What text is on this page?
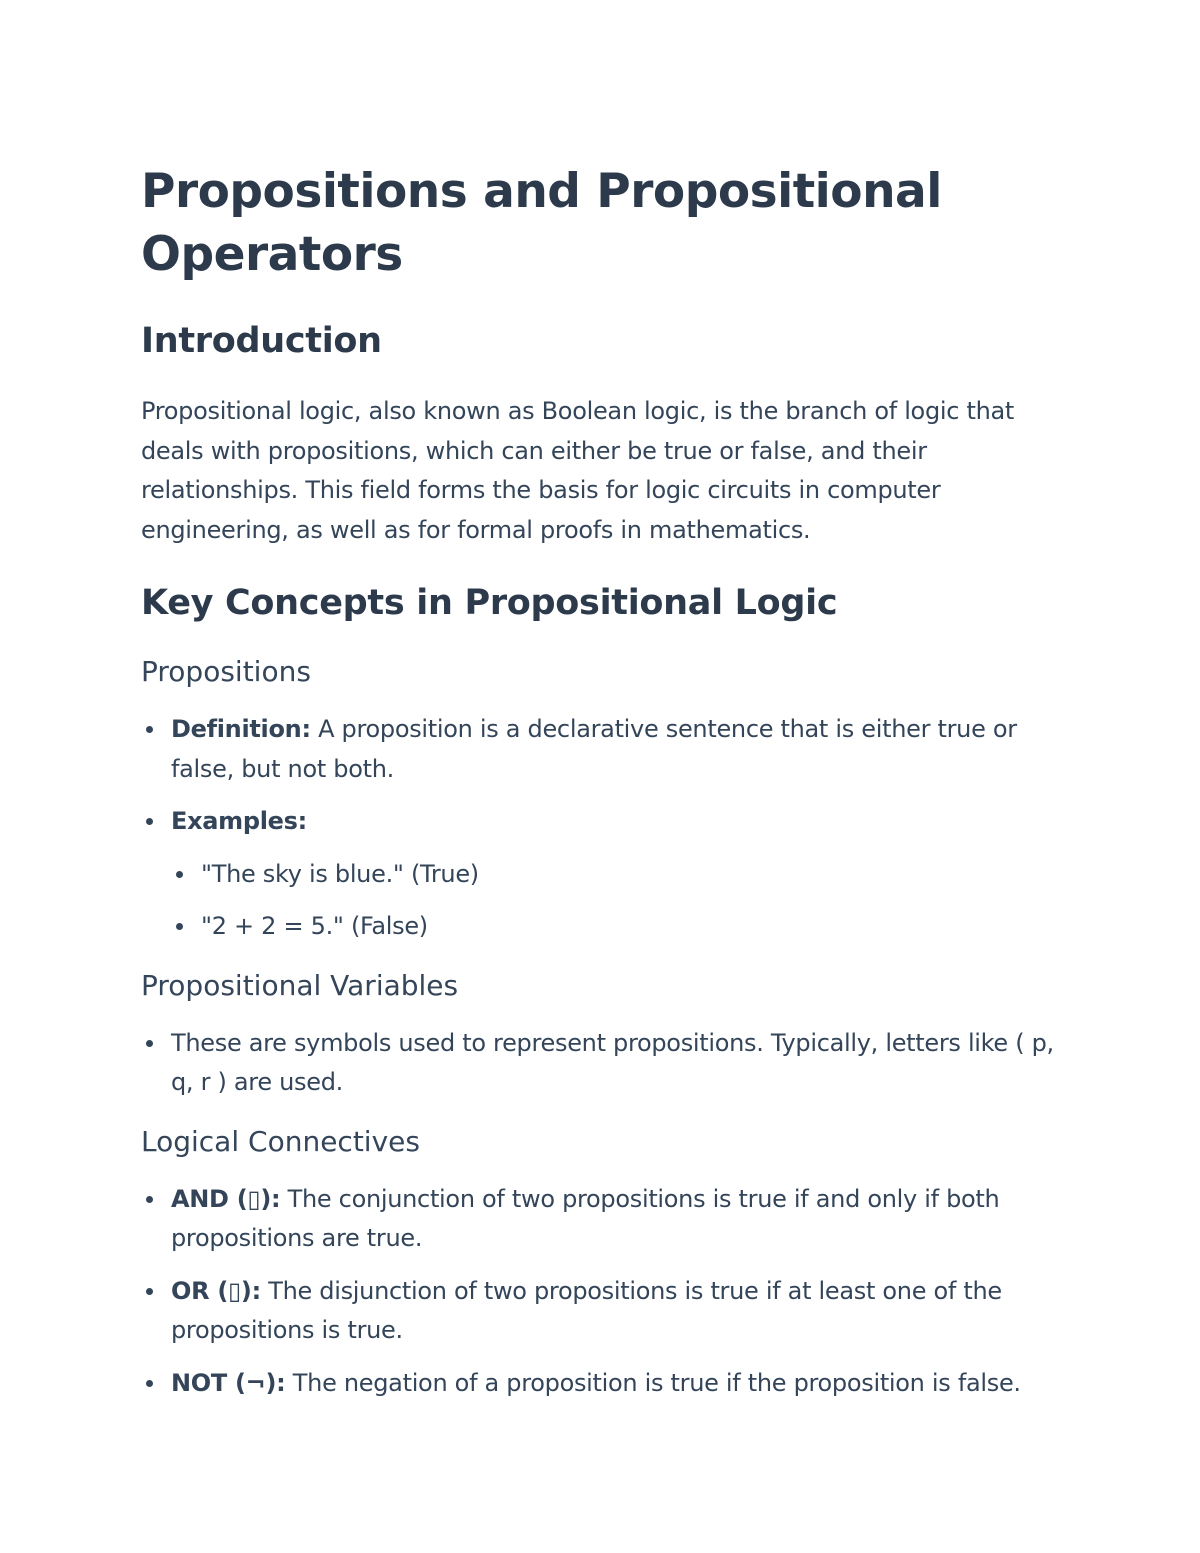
Propositions and Propositional Operators
Introduction

Propositional logic, also known as Boolean logic, is the branch of logic that deals with propositions, which can either be true or false, and their relationships. This field forms the basis for logic circuits in computer engineering, as well as for formal proofs in mathematics.

Key Concepts in Propositional Logic
Propositions
Definition: A proposition is a declarative sentence that is either true or false, but not both.
Examples:
"The sky is blue." (True)
"2 + 2 = 5." (False)
Propositional Variables
These are symbols used to represent propositions. Typically, letters like ( p, q, r ) are used.
Logical Connectives
AND (▯): The conjunction of two propositions is true if and only if both propositions are true.
OR (▯): The disjunction of two propositions is true if at least one of the propositions is true.
NOT (¬): The negation of a proposition is true if the proposition is false.
